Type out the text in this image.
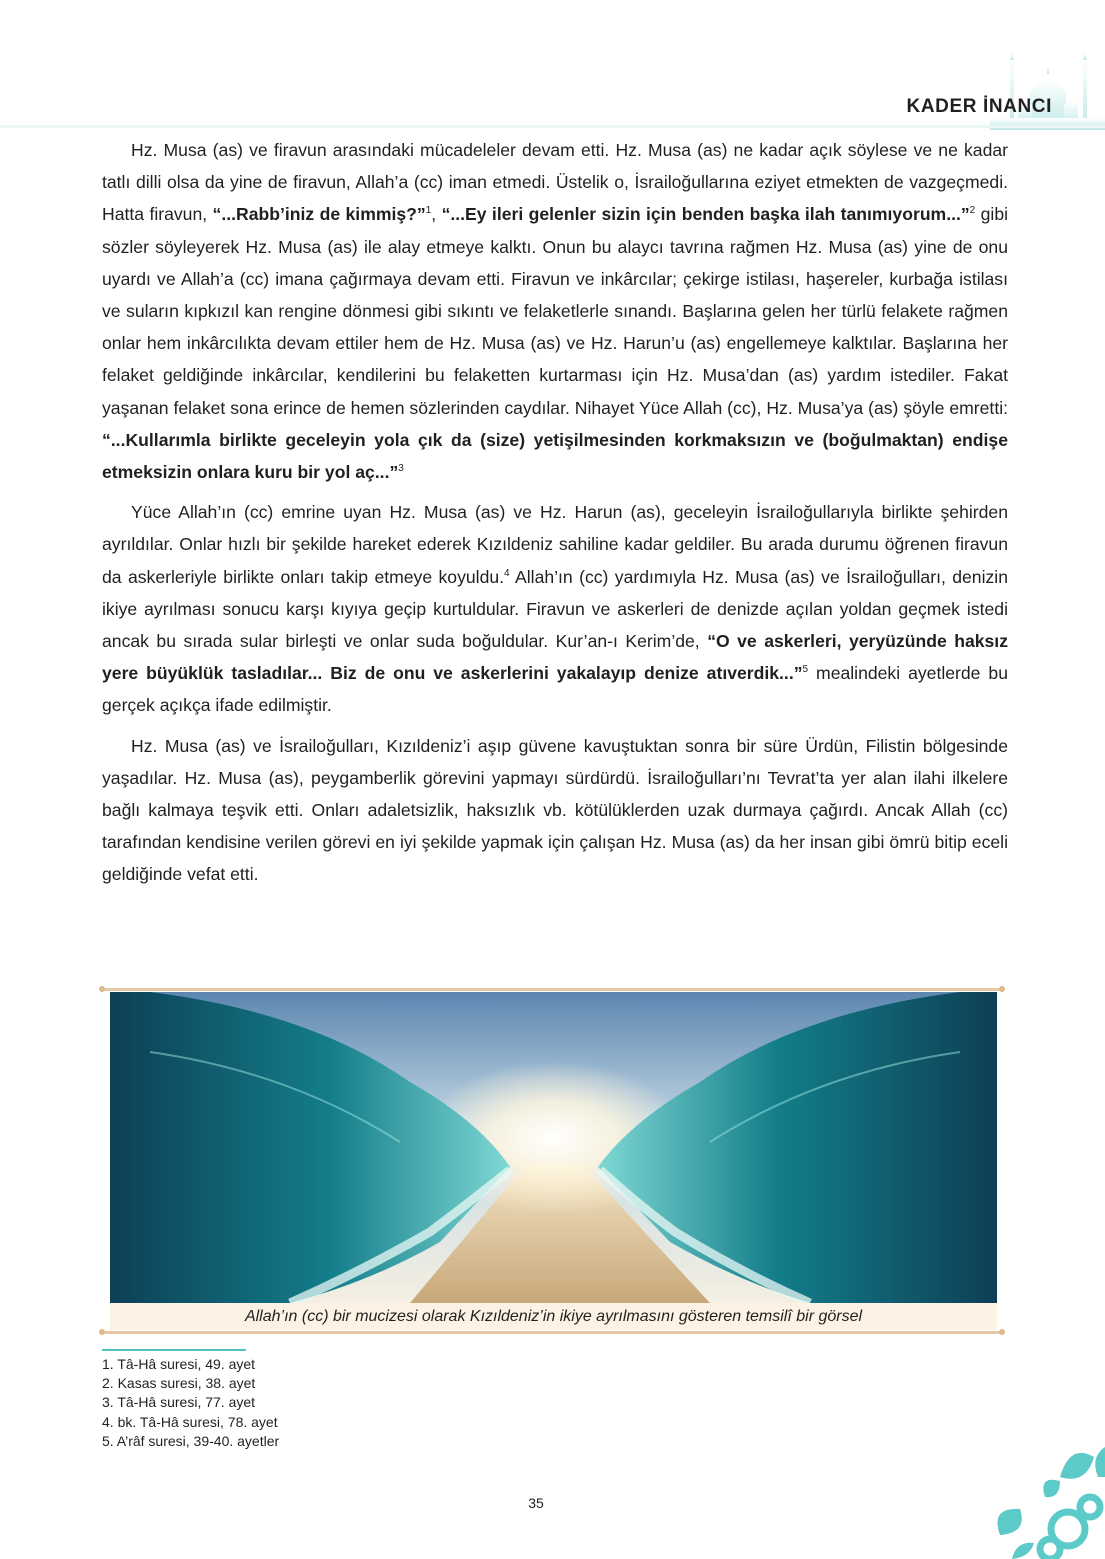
KADER İNANCI

Hz. Musa (as) ve firavun arasındaki mücadeleler devam etti. Hz. Musa (as) ne kadar açık söylese ve ne kadar tatlı dilli olsa da yine de firavun, Allah’a (cc) iman etmedi. Üstelik o, İsrailoğullarına eziyet etmekten de vazgeçmedi. Hatta firavun, “...Rabb’iniz de kimmiş?”$^1$, “...Ey ileri gelenler sizin için benden başka ilah tanımıyorum...”$^2$ gibi sözler söyleyerek Hz. Musa (as) ile alay etmeye kalktı. Onun bu alaycı tavrına rağmen Hz. Musa (as) yine de onu uyardı ve Allah’a (cc) imana çağırmaya devam etti. Firavun ve inkârcılar; çekirge istilası, haşereler, kurbağa istilası ve suların kıpkızıl kan rengine dönmesi gibi sıkıntı ve felaketlerle sınandı. Başlarına gelen her türlü felakete rağmen onlar hem inkârcılıkta devam ettiler hem de Hz. Musa (as) ve Hz. Harun’u (as) engellemeye kalktılar. Başlarına her felaket geldiğinde inkârcılar, kendilerini bu felaketten kurtarması için Hz. Musa’dan (as) yardım istediler. Fakat yaşanan felaket sona erince de hemen sözlerinden caydılar. Nihayet Yüce Allah (cc), Hz. Musa’ya (as) şöyle emretti: “...Kullarımla birlikte geceleyin yola çık da (size) yetişilmesinden korkmaksızın ve (boğulmaktan) endişe etmeksizin onlara kuru bir yol aç...”$^3$

Yüce Allah’ın (cc) emrine uyan Hz. Musa (as) ve Hz. Harun (as), geceleyin İsrailoğullarıyla birlikte şehirden ayrıldılar. Onlar hızlı bir şekilde hareket ederek Kızıldeniz sahiline kadar geldiler. Bu arada durumu öğrenen firavun da askerleriyle birlikte onları takip etmeye koyuldu.$^4$ Allah’ın (cc) yardımıyla Hz. Musa (as) ve İsrailoğulları, denizin ikiye ayrılması sonucu karşı kıyıya geçip kurtuldular. Firavun ve askerleri de denizde açılan yoldan geçmek istedi ancak bu sırada sular birleşti ve onlar suda boğuldular. Kur’an-ı Kerim’de, “O ve askerleri, yeryüzünde haksız yere büyüklük tasladılar... Biz de onu ve askerlerini yakalayıp denize atıverdik...”$^5$ mealindeki ayetlerde bu gerçek açıkça ifade edilmiştir.

Hz. Musa (as) ve İsrailoğulları, Kızıldeniz’i aşıp güvene kavuştuktan sonra bir süre Ürdün, Filistin bölgesinde yaşadılar. Hz. Musa (as), peygamberlik görevini yapmayı sürdürdü. İsrailoğulları’nı Tevrat’ta yer alan ilahi ilkelere bağlı kalmaya teşvik etti. Onları adaletsizlik, haksızlık vb. kötülüklerden uzak durmaya çağırdı. Ancak Allah (cc) tarafından kendisine verilen görevi en iyi şekilde yapmak için çalışan Hz. Musa (as) da her insan gibi ömrü bitip eceli geldiğinde vefat etti.

Allah’ın (cc) bir mucizesi olarak Kızıldeniz’in ikiye ayrılmasını gösteren temsilî bir görsel
1. Tâ-Hâ suresi, 49. ayet
2. Kasas suresi, 38. ayet
3. Tâ-Hâ suresi, 77. ayet
4. bk. Tâ-Hâ suresi, 78. ayet
5. A’râf suresi, 39-40. ayetler
35
